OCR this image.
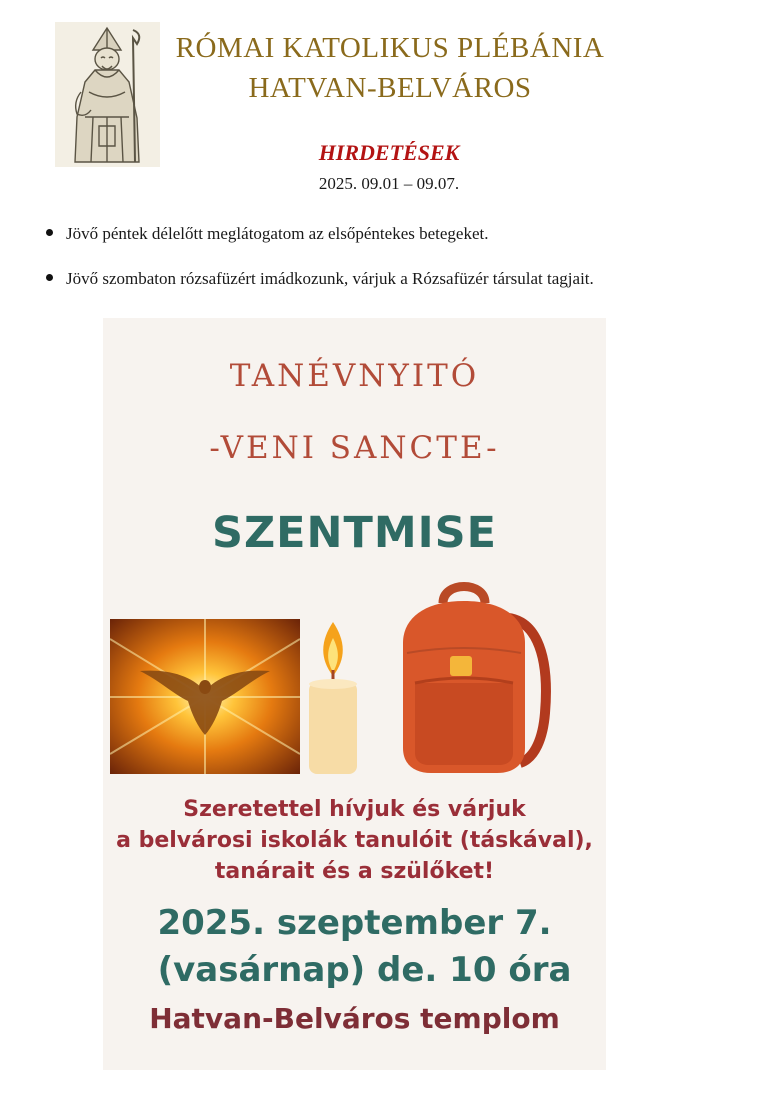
RÓMAI KATOLIKUS PLÉBÁNIA
HATVAN-BELVÁROS
HIRDETÉSEK
2025. 09.01 – 09.07.
Jövő péntek délelőtt meglátogatom az elsőpéntekes betegeket.
Jövő szombaton rózsafüzért imádkozunk, várjuk a Rózsafüzér társulat tagjait.
TANÉVNYITÓ
-VENI SANCTE-
SZENTMISE
Szeretettel hívjuk és várjuk
a belvárosi iskolák tanulóit (táskával),
tanárait és a szülőket!
2025. szeptember 7.
(vasárnap) de. 10 óra
Hatvan-Belváros templom
